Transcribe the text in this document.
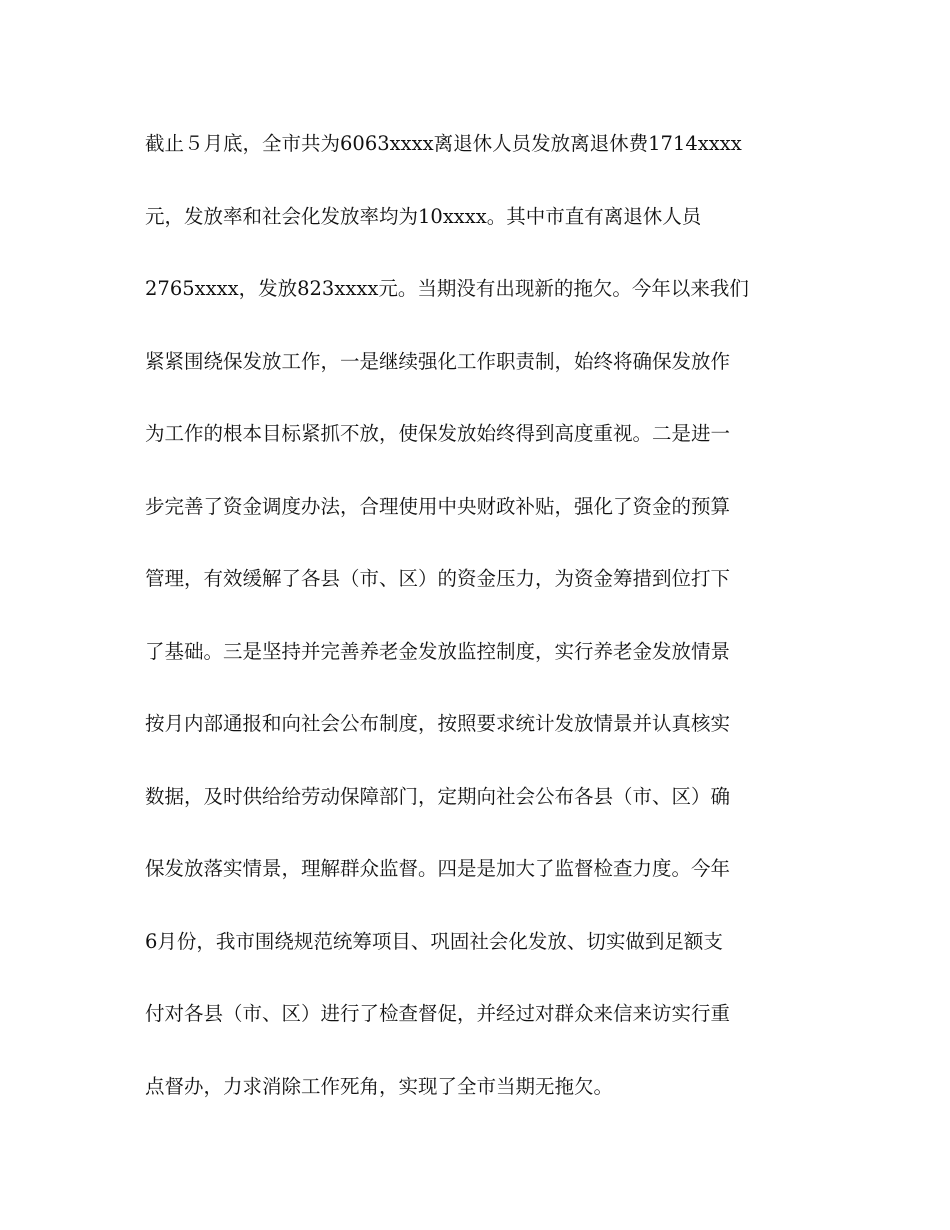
截止５月底，全市共为6063xxxx离退休人员发放离退休费1714xxxx
元，发放率和社会化发放率均为10xxxx。其中市直有离退休人员
2765xxxx，发放823xxxx元。当期没有出现新的拖欠。今年以来我们
紧紧围绕保发放工作，一是继续强化工作职责制，始终将确保发放作
为工作的根本目标紧抓不放，使保发放始终得到高度重视。二是进一
步完善了资金调度办法，合理使用中央财政补贴，强化了资金的预算
管理，有效缓解了各县（市、区）的资金压力，为资金筹措到位打下
了基础。三是坚持并完善养老金发放监控制度，实行养老金发放情景
按月内部通报和向社会公布制度，按照要求统计发放情景并认真核实
数据，及时供给给劳动保障部门，定期向社会公布各县（市、区）确
保发放落实情景，理解群众监督。四是是加大了监督检查力度。今年
6月份，我市围绕规范统筹项目、巩固社会化发放、切实做到足额支
付对各县（市、区）进行了检查督促，并经过对群众来信来访实行重
点督办，力求消除工作死角，实现了全市当期无拖欠。
